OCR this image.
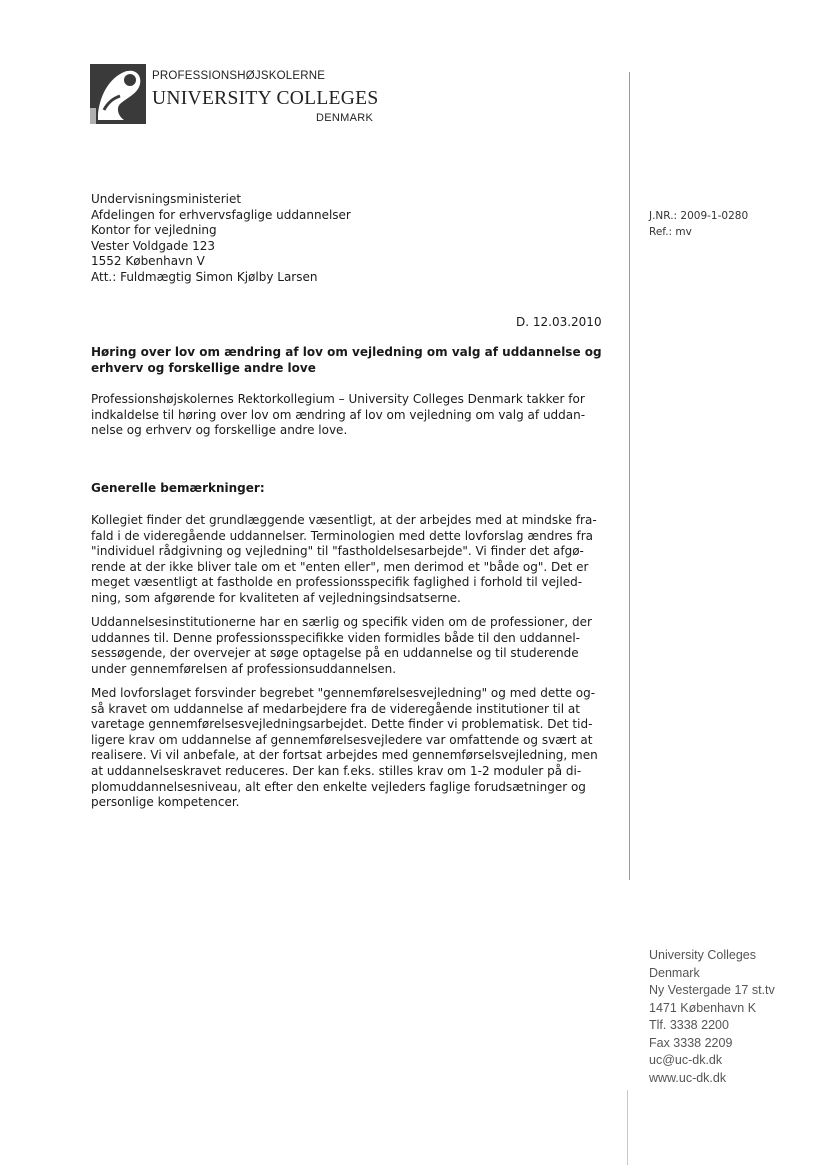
PROFESSIONSHØJSKOLERNE
UNIVERSITY COLLEGES
DENMARK
Undervisningsministeriet
Afdelingen for erhvervsfaglige uddannelser
Kontor for vejledning
Vester Voldgade 123
1552 København V
Att.: Fuldmægtig Simon Kjølby Larsen
J.NR.: 2009-1-0280
Ref.: mv
D. 12.03.2010
Høring over lov om ændring af lov om vejledning om valg af uddannelse og
erhverv og forskellige andre love
Professionshøjskolernes Rektorkollegium – University Colleges Denmark takker for
indkaldelse til høring over lov om ændring af lov om vejledning om valg af uddan-
nelse og erhverv og forskellige andre love.
Generelle bemærkninger:
Kollegiet finder det grundlæggende væsentligt, at der arbejdes med at mindske fra-
fald i de videregående uddannelser. Terminologien med dette lovforslag ændres fra
"individuel rådgivning og vejledning" til "fastholdelsesarbejde". Vi finder det afgø-
rende at der ikke bliver tale om et "enten eller", men derimod et "både og". Det er
meget væsentligt at fastholde en professionsspecifik faglighed i forhold til vejled-
ning, som afgørende for kvaliteten af vejledningsindsatserne.
Uddannelsesinstitutionerne har en særlig og specifik viden om de professioner, der
uddannes til. Denne professionsspecifikke viden formidles både til den uddannel-
sessøgende, der overvejer at søge optagelse på en uddannelse og til studerende
under gennemførelsen af professionsuddannelsen.
Med lovforslaget forsvinder begrebet "gennemførelsesvejledning" og med dette og-
så kravet om uddannelse af medarbejdere fra de videregående institutioner til at
varetage gennemførelsesvejledningsarbejdet. Dette finder vi problematisk. Det tid-
ligere krav om uddannelse af gennemførelsesvejledere var omfattende og svært at
realisere. Vi vil anbefale, at der fortsat arbejdes med gennemførselsvejledning, men
at uddannelseskravet reduceres. Der kan f.eks. stilles krav om 1-2 moduler på di-
plomuddannelsesniveau, alt efter den enkelte vejleders faglige forudsætninger og
personlige kompetencer.
University Colleges
Denmark
Ny Vestergade 17 st.tv
1471 København K
Tlf. 3338 2200
Fax 3338 2209
uc@uc-dk.dk
www.uc-dk.dk
